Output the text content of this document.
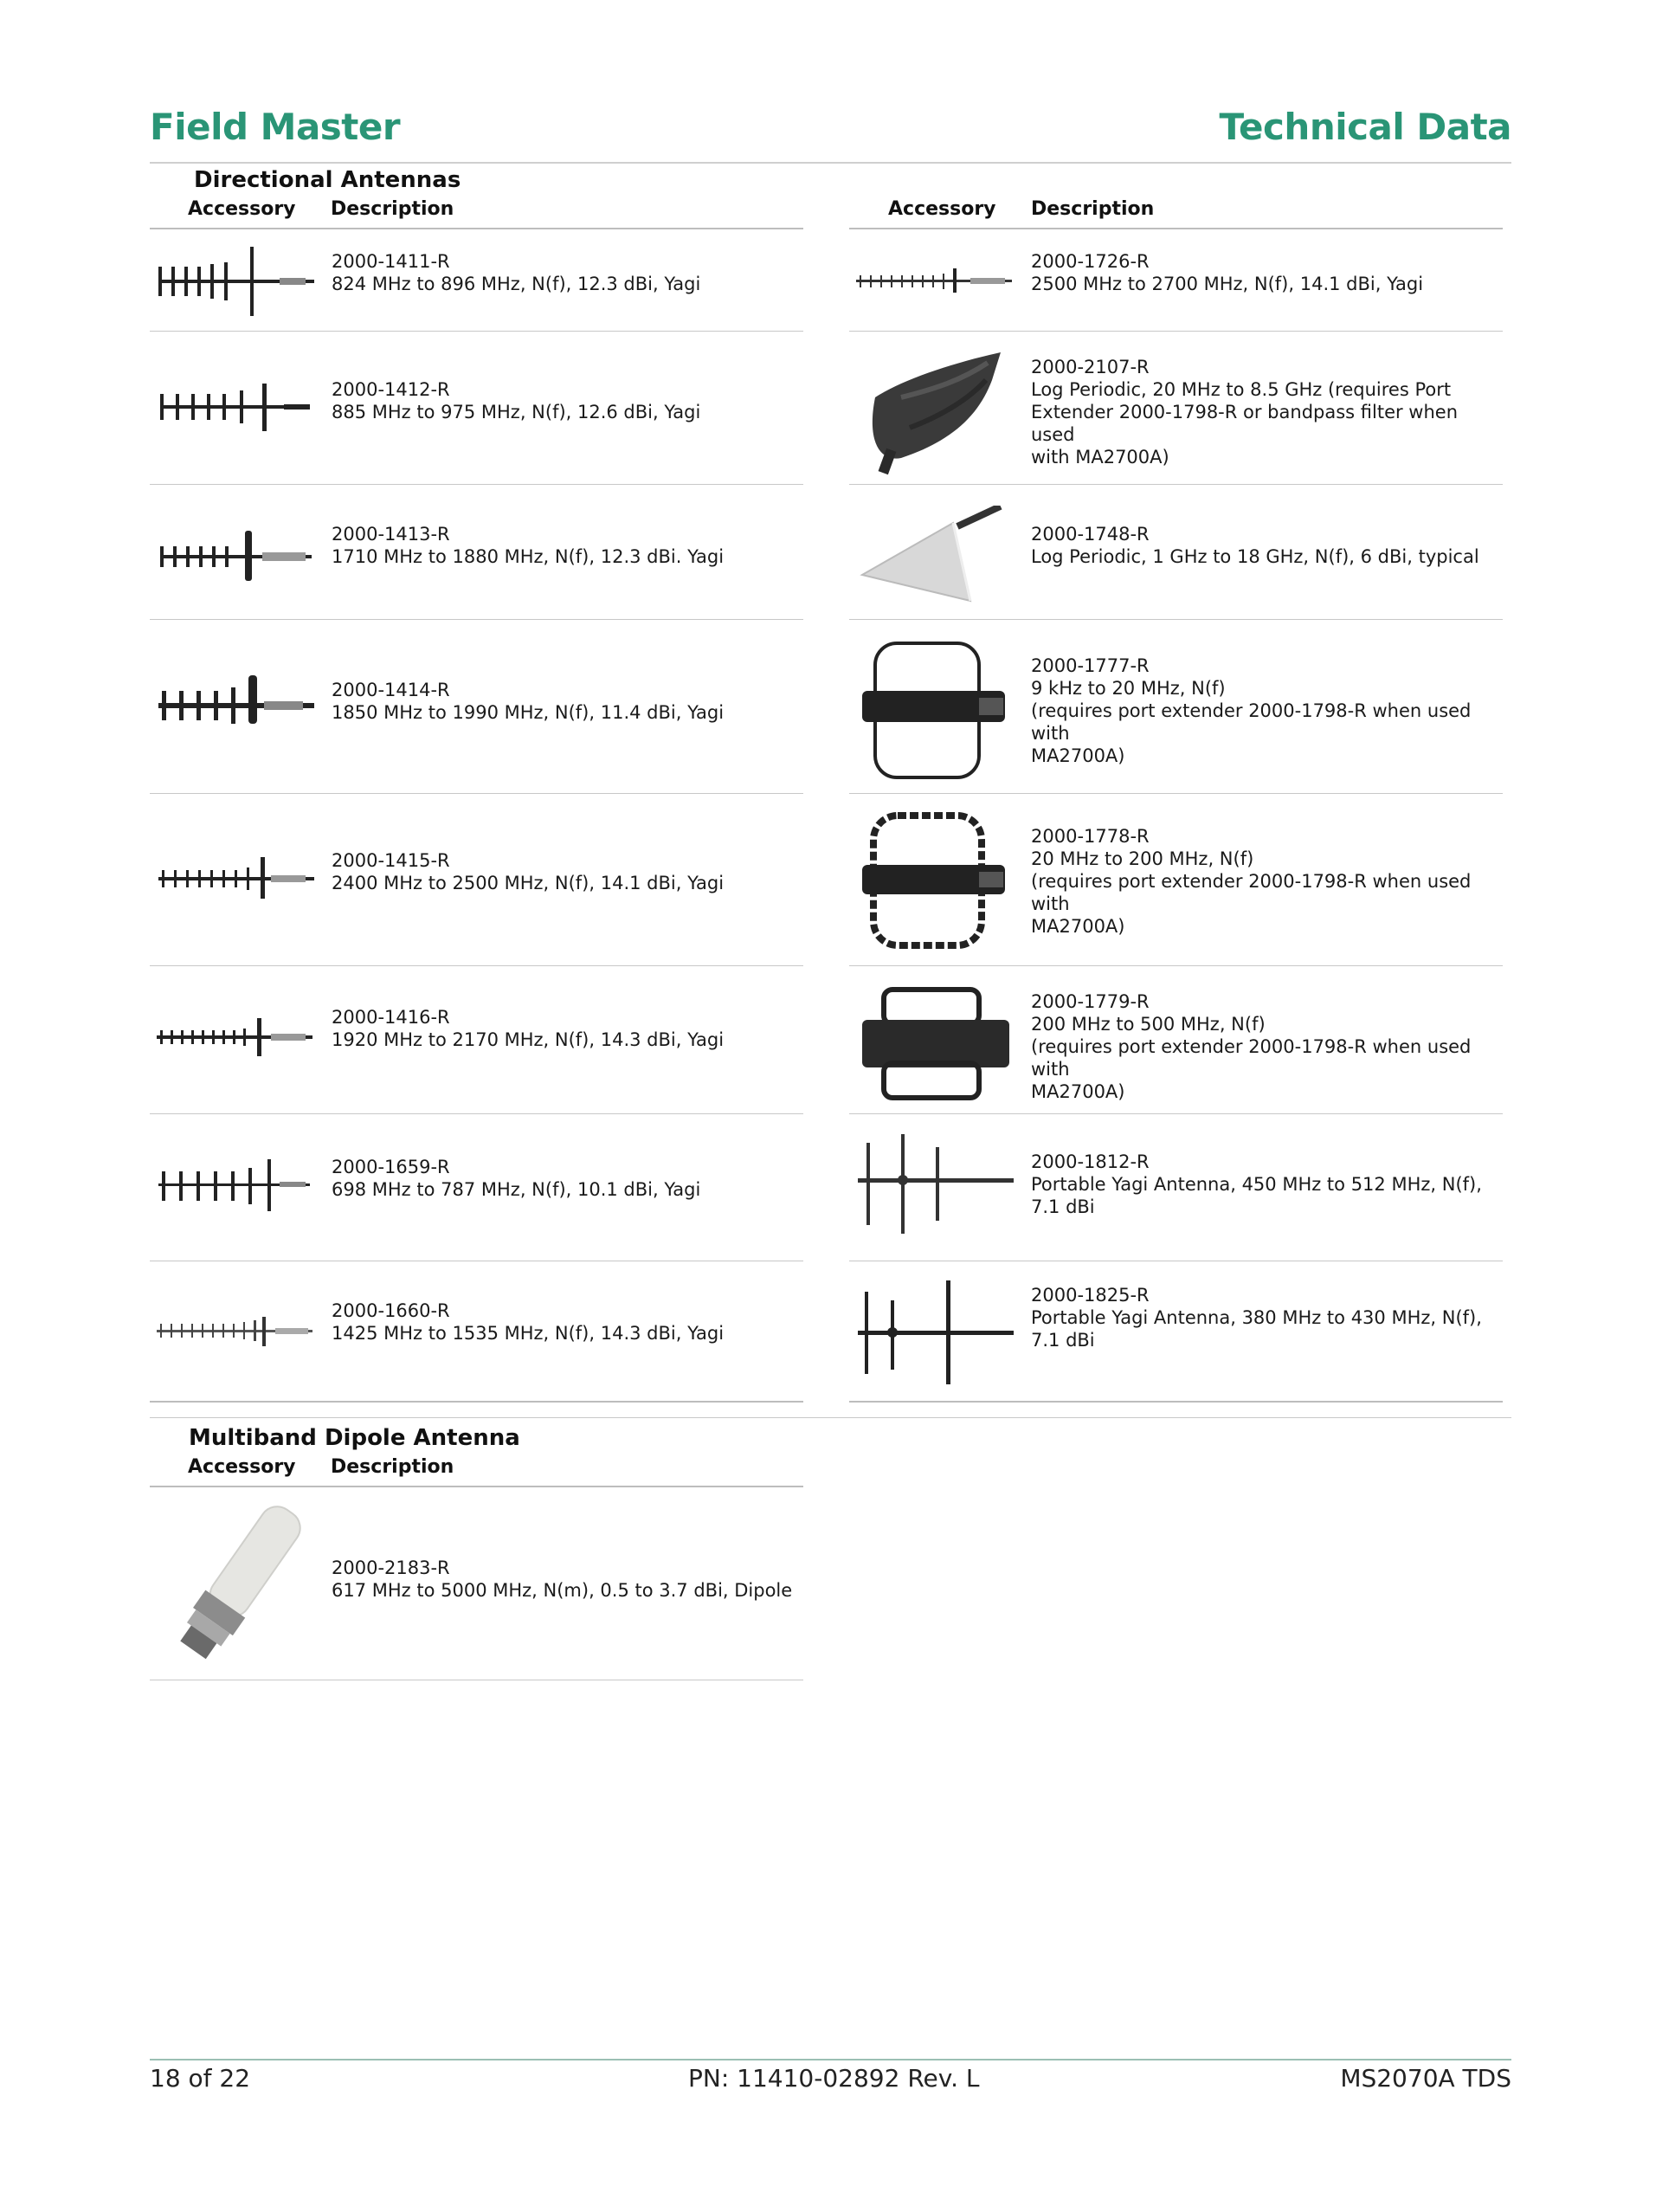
Field Master	Technical Data
Directional Antennas
Accessory Description	Accessory Description
2000-1411-R
824 MHz to 896 MHz, N(f), 12.3 dBi, Yagi
2000-1412-R
885 MHz to 975 MHz, N(f), 12.6 dBi, Yagi
2000-1413-R
1710 MHz to 1880 MHz, N(f), 12.3 dBi. Yagi
2000-1414-R
1850 MHz to 1990 MHz, N(f), 11.4 dBi, Yagi
2000-1415-R
2400 MHz to 2500 MHz, N(f), 14.1 dBi, Yagi
2000-1416-R
1920 MHz to 2170 MHz, N(f), 14.3 dBi, Yagi
2000-1659-R
698 MHz to 787 MHz, N(f), 10.1 dBi, Yagi
2000-1660-R
1425 MHz to 1535 MHz, N(f), 14.3 dBi, Yagi
2000-1726-R
2500 MHz to 2700 MHz, N(f), 14.1 dBi, Yagi
2000-2107-R
Log Periodic, 20 MHz to 8.5 GHz (requires Port
Extender 2000-1798-R or bandpass filter when used
with MA2700A)
2000-1748-R
Log Periodic, 1 GHz to 18 GHz, N(f), 6 dBi, typical
2000-1777-R
9 kHz to 20 MHz, N(f)
(requires port extender 2000-1798-R when used with
MA2700A)
2000-1778-R
20 MHz to 200 MHz, N(f)
(requires port extender 2000-1798-R when used with
MA2700A)
2000-1779-R
200 MHz to 500 MHz, N(f)
(requires port extender 2000-1798-R when used with
MA2700A)
2000-1812-R
Portable Yagi Antenna, 450 MHz to 512 MHz, N(f),
7.1 dBi
2000-1825-R
Portable Yagi Antenna, 380 MHz to 430 MHz, N(f),
7.1 dBi
Multiband Dipole Antenna
Accessory Description
2000-2183-R
617 MHz to 5000 MHz, N(m), 0.5 to 3.7 dBi, Dipole
18 of 22	PN: 11410-02892 Rev. L	MS2070A TDS
